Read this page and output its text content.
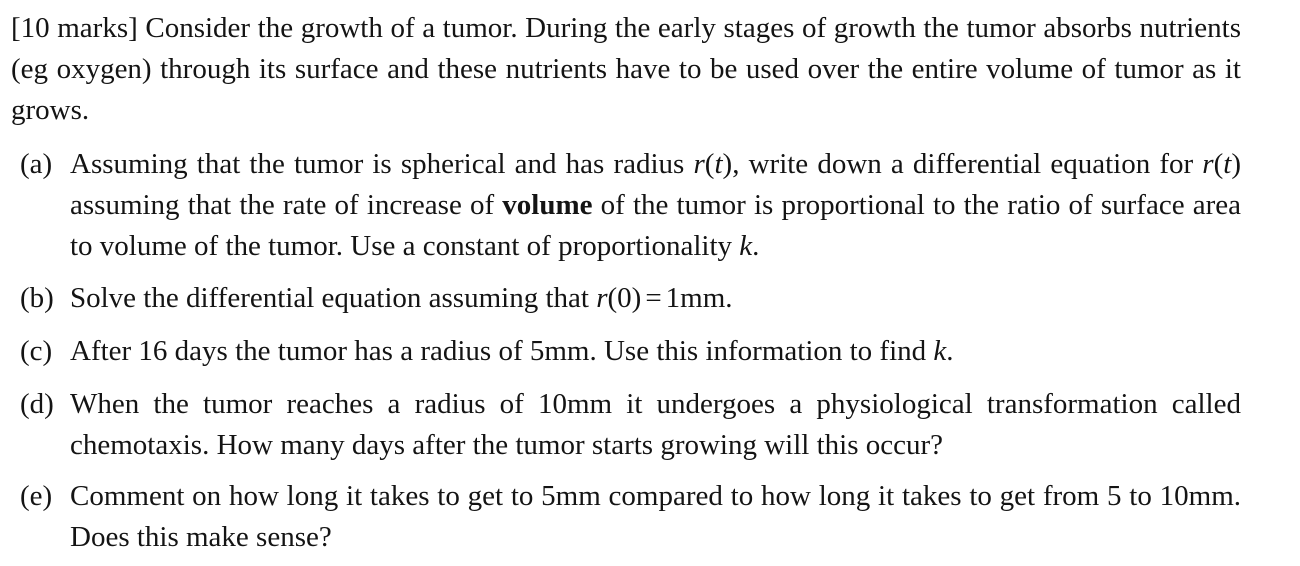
[10 marks] Consider the growth of a tumor. During the early stages of growth the tumor absorbs nutrients (eg oxygen) through its surface and these nutrients have to be used over the entire volume of tumor as it grows.
(a) Assuming that the tumor is spherical and has radius r(t), write down a differential equation for r(t) assuming that the rate of increase of volume of the tumor is proportional to the ratio of surface area to volume of the tumor. Use a constant of proportionality k.
(b) Solve the differential equation assuming that r(0) = 1mm.
(c) After 16 days the tumor has a radius of 5mm. Use this information to find k.
(d) When the tumor reaches a radius of 10mm it undergoes a physiological transformation called chemotaxis. How many days after the tumor starts growing will this occur?
(e) Comment on how long it takes to get to 5mm compared to how long it takes to get from 5 to 10mm. Does this make sense?
